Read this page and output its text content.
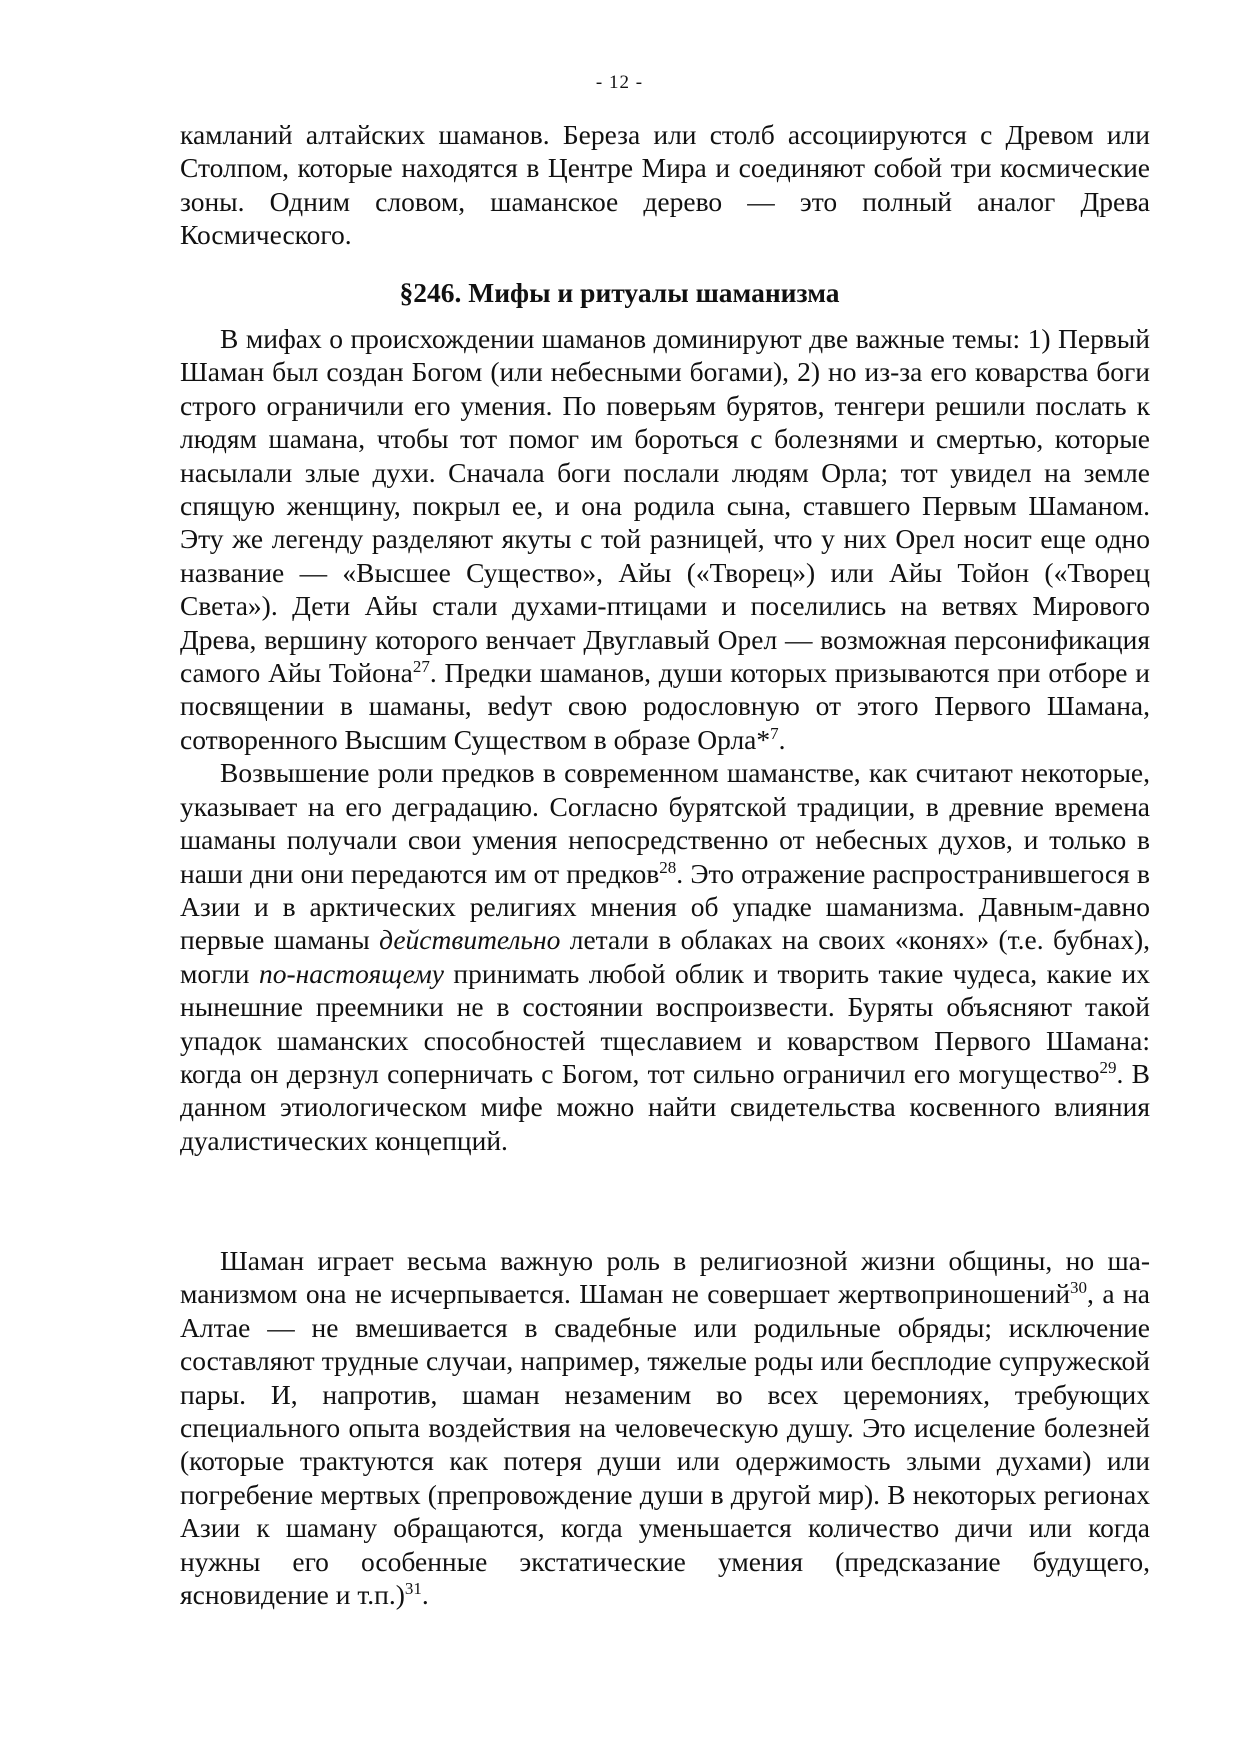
- 12 -

камланий алтайских шаманов. Береза или столб ассоциируются с Древом или Столпом, которые находятся в Центре Мира и соединяют собой три космические зоны. Одним словом, шаманское дерево — это полный аналог Древа Космического.

§246. Мифы и ритуалы шаманизма

В мифах о происхождении шаманов доминируют две важные темы: 1) Первый Шаман был создан Богом (или небесными богами), 2) но из-за его коварства боги строго ограничили его умения. По поверьям бурятов, тенгери решили послать к людям шамана, чтобы тот помог им бороться с болезнями и смертью, которые насылали злые духи. Сначала боги послали людям Орла; тот увидел на земле спящую женщину, покрыл ее, и она родила сына, ставшего Первым Шаманом. Эту же легенду разделяют якуты с той разницей, что у них Орел носит еще одно название — «Высшее Существо», Айы («Творец») или Айы Тойон («Творец Света»). Дети Айы стали духами-птицами и поселились на ветвях Мирового Древа, вершину которого венчает Двуглавый Орел — возможная персонификация самого Айы Тойона$^{27}$. Предки шаманов, души которых призываются при отборе и посвящении в шаманы, веdут свою родословную от этого Первого Шамана, сотворенного Высшим Существом в образе Орла*$^7$.

Возвышение роли предков в современном шаманстве, как считают некоторые, указывает на его деградацию. Согласно бурятской традиции, в древние времена шаманы получали свои умения непосредственно от небесных духов, и только в наши дни они передаются им от предков$^{28}$. Это отражение распространившегося в Азии и в арктических религиях мнения об упадке шаманизма. Давным-давно первые шаманы действительно летали в облаках на своих «конях» (т.е. бубнах), могли по-настоящему принимать любой облик и творить такие чудеса, какие их нынешние преемники не в состоянии воспроизвести. Буряты объясняют такой упадок шаманских способностей тщеславием и коварством Первого Шамана: когда он дерзнул соперничать с Богом, тот сильно ограничил его могущество$^{29}$. В данном этиологическом мифе можно найти свидетельства косвенного влияния дуалистических концепций.

Шаман играет весьма важную роль в религиозной жизни общины, но шаманизмом она не исчерпывается. Шаман не совершает жертвоприношений$^{30}$, а на Алтае — не вмешивается в свадебные или родильные обряды; исключение составляют трудные случаи, например, тяжелые роды или бесплодие супружеской пары. И, напротив, шаман незаменим во всех церемониях, требующих специального опыта воздействия на человеческую душу. Это исцеление болезней (которые трактуются как потеря души или одержимость злыми духами) или погребение мертвых (препровождение души в другой мир). В некоторых регионах Азии к шаману обращаются, когда уменьшается количество дичи или когда нужны его особенные экстатические умения (предсказание будущего, ясновидение и т.п.)$^{31}$.
